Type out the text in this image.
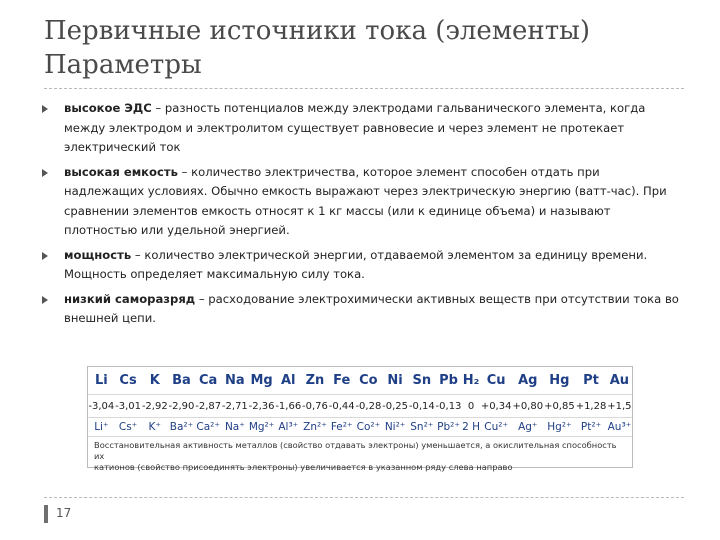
Первичные источники тока (элементы)
Параметры
высокое ЭДС – разность потенциалов между электродами гальванического элемента, когда между электродом и электролитом существует равновесие и через элемент не протекает электрический ток
высокая емкость – количество электричества, которое элемент способен отдать при надлежащих условиях. Обычно емкость выражают через электрическую энергию (ватт-час). При сравнении элементов емкость относят к 1 кг массы (или к единице объема) и называют плотностью или удельной энергией.
мощность – количество электрической энергии, отдаваемой элементом за единицу времени. Мощность определяет максимальную силу тока.
низкий саморазряд – расходование электрохимически активных веществ при отсутствии тока во внешней цепи.
Li	Cs	K	Ba	Ca	Na	Mg	Al	Zn	Fe	Co	Ni	Sn	Pb	H₂	Cu	Ag	Hg	Pt	Au
-3,04	-3,01	-2,92	-2,90	-2,87	-2,71	-2,36	-1,66	-0,76	-0,44	-0,28	-0,25	-0,14	-0,13	0	+0,34	+0,80	+0,85	+1,28	+1,5
Li⁺	Cs⁺	K⁺	Ba²⁺	Ca²⁺	Na⁺	Mg²⁺	Al³⁺	Zn²⁺	Fe²⁺	Co²⁺	Ni²⁺	Sn²⁺	Pb²⁺	2 H	Cu²⁺	Ag⁺	Hg²⁺	Pt²⁺	Au³⁺
Восстановительная активность металлов (свойство отдавать электроны) уменьшается, а окислительная способность их
катионов (свойство присоединять электроны) увеличивается в указанном ряду слева направо
17
